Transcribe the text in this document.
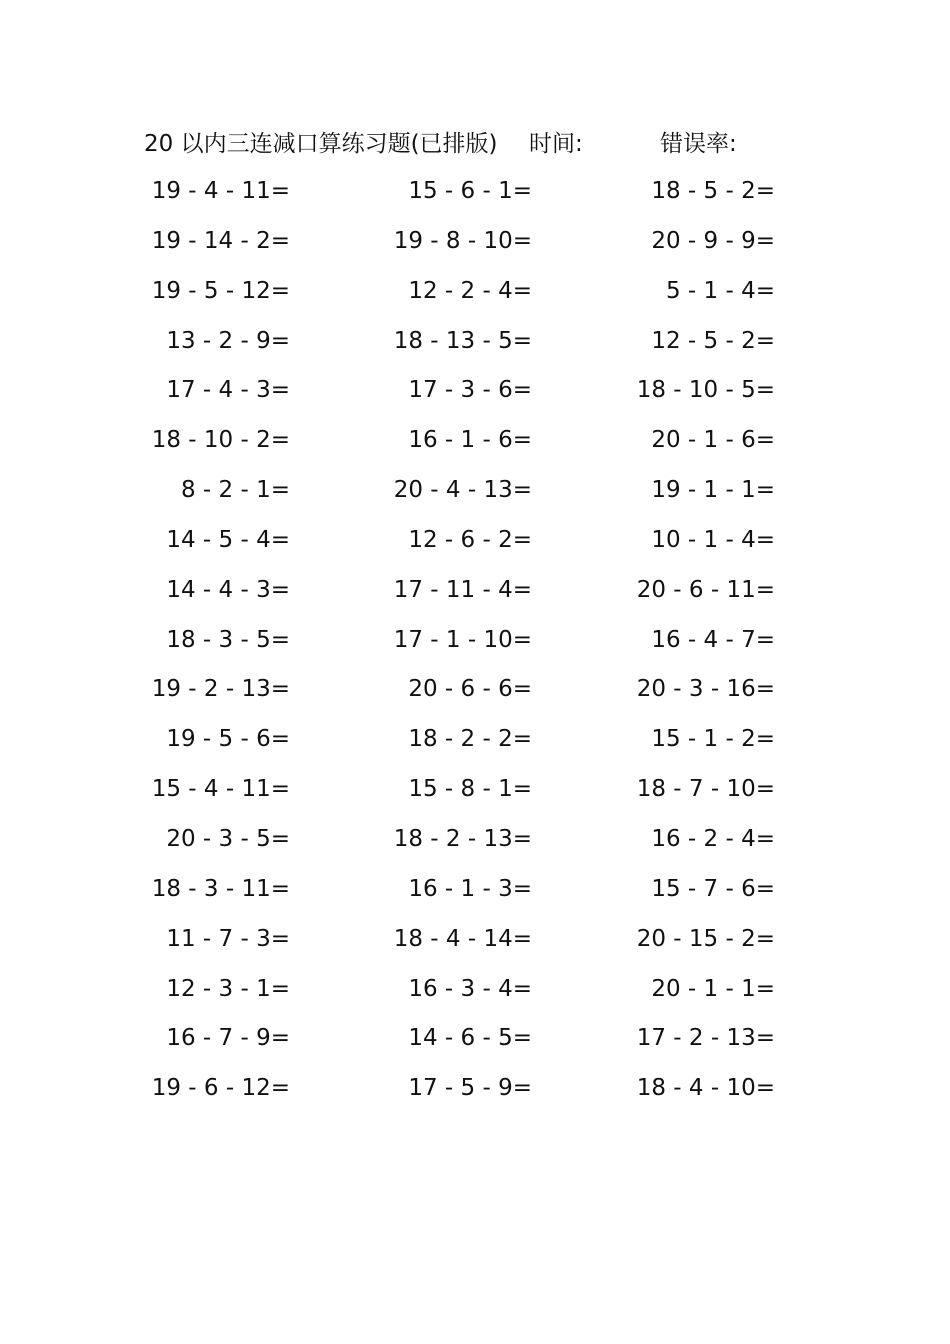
20 以内三连减口算练习题(已排版) 时间:	错误率:
19 - 4 - 11=	15 - 6 - 1=	18 - 5 - 2=
19 - 14 - 2=	19 - 8 - 10=	20 - 9 - 9=
19 - 5 - 12=	12 - 2 - 4=	5 - 1 - 4=
13 - 2 - 9=	18 - 13 - 5=	12 - 5 - 2=
17 - 4 - 3=	17 - 3 - 6=	18 - 10 - 5=
18 - 10 - 2=	16 - 1 - 6=	20 - 1 - 6=
8 - 2 - 1=	20 - 4 - 13=	19 - 1 - 1=
14 - 5 - 4=	12 - 6 - 2=	10 - 1 - 4=
14 - 4 - 3=	17 - 11 - 4=	20 - 6 - 11=
18 - 3 - 5=	17 - 1 - 10=	16 - 4 - 7=
19 - 2 - 13=	20 - 6 - 6=	20 - 3 - 16=
19 - 5 - 6=	18 - 2 - 2=	15 - 1 - 2=
15 - 4 - 11=	15 - 8 - 1=	18 - 7 - 10=
20 - 3 - 5=	18 - 2 - 13=	16 - 2 - 4=
18 - 3 - 11=	16 - 1 - 3=	15 - 7 - 6=
11 - 7 - 3=	18 - 4 - 14=	20 - 15 - 2=
12 - 3 - 1=	16 - 3 - 4=	20 - 1 - 1=
16 - 7 - 9=	14 - 6 - 5=	17 - 2 - 13=
19 - 6 - 12=	17 - 5 - 9=	18 - 4 - 10=
